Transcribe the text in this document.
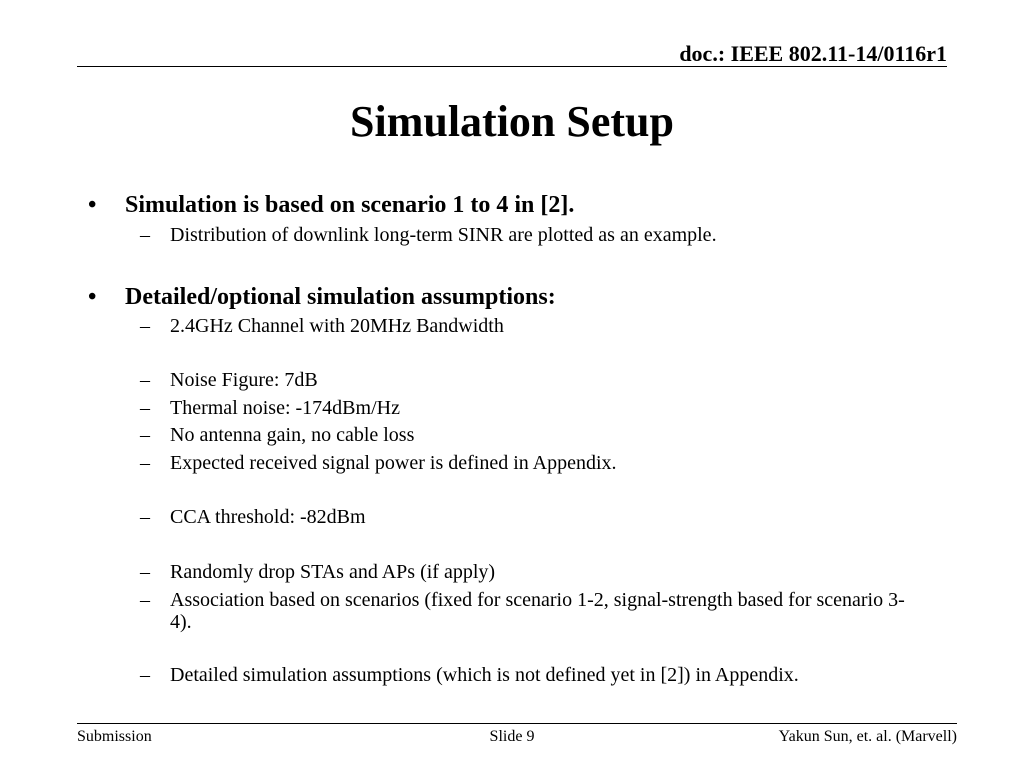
doc.: IEEE 802.11-14/0116r1
Simulation Setup
• Simulation is based on scenario 1 to 4 in [2].
– Distribution of downlink long-term SINR are plotted as an example.
• Detailed/optional simulation assumptions:
– 2.4GHz Channel with 20MHz Bandwidth
– Noise Figure: 7dB
– Thermal noise: -174dBm/Hz
– No antenna gain, no cable loss
– Expected received signal power is defined in Appendix.
– CCA threshold: -82dBm
– Randomly drop STAs and APs (if apply)
– Association based on scenarios (fixed for scenario 1-2, signal-strength based for scenario 3-4).
– Detailed simulation assumptions (which is not defined yet in [2]) in Appendix.
Submission	Slide 9	Yakun Sun, et. al. (Marvell)
